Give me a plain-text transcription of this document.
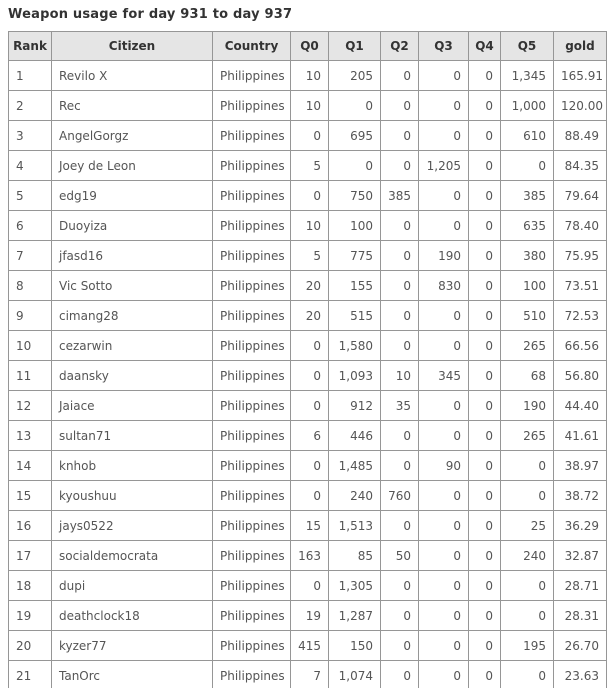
Weapon usage for day 931 to day 937
Rank	Citizen	Country	Q0	Q1	Q2	Q3	Q4	Q5	gold
1	Revilo X	Philippines	10	205	0	0	0	1,345	165.91
2	Rec	Philippines	10	0	0	0	0	1,000	120.00
3	AngelGorgz	Philippines	0	695	0	0	0	610	88.49
4	Joey de Leon	Philippines	5	0	0	1,205	0	0	84.35
5	edg19	Philippines	0	750	385	0	0	385	79.64
6	Duoyiza	Philippines	10	100	0	0	0	635	78.40
7	jfasd16	Philippines	5	775	0	190	0	380	75.95
8	Vic Sotto	Philippines	20	155	0	830	0	100	73.51
9	cimang28	Philippines	20	515	0	0	0	510	72.53
10	cezarwin	Philippines	0	1,580	0	0	0	265	66.56
11	daansky	Philippines	0	1,093	10	345	0	68	56.80
12	Jaiace	Philippines	0	912	35	0	0	190	44.40
13	sultan71	Philippines	6	446	0	0	0	265	41.61
14	knhob	Philippines	0	1,485	0	90	0	0	38.97
15	kyoushuu	Philippines	0	240	760	0	0	0	38.72
16	jays0522	Philippines	15	1,513	0	0	0	25	36.29
17	socialdemocrata	Philippines	163	85	50	0	0	240	32.87
18	dupi	Philippines	0	1,305	0	0	0	0	28.71
19	deathclock18	Philippines	19	1,287	0	0	0	0	28.31
20	kyzer77	Philippines	415	150	0	0	0	195	26.70
21	TanOrc	Philippines	7	1,074	0	0	0	0	23.63
